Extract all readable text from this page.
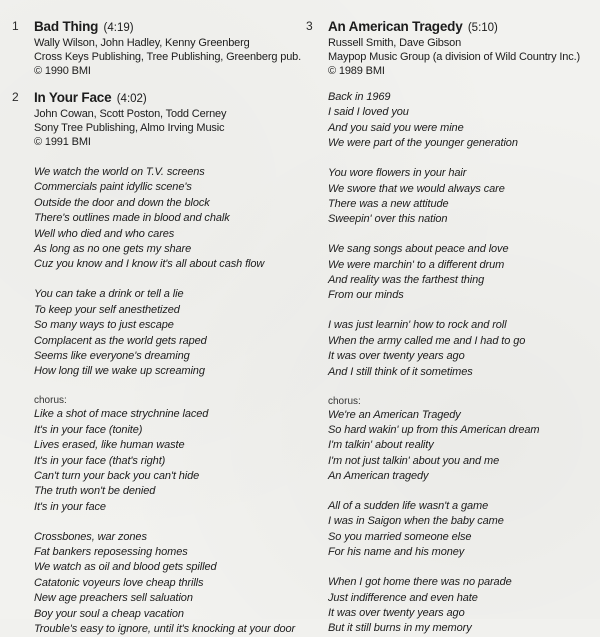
1 Bad Thing (4:19)
Wally Wilson, John Hadley, Kenny Greenberg
Cross Keys Publishing, Tree Publishing, Greenberg pub.
© 1990 BMI
2 In Your Face (4:02)
John Cowan, Scott Poston, Todd Cerney
Sony Tree Publishing, Almo Irving Music
© 1991 BMI
We watch the world on T.V. screens
Commercials paint idyllic scene's
Outside the door and down the block
There's outlines made in blood and chalk
Well who died and who cares
As long as no one gets my share
Cuz you know and I know it's all about cash flow
You can take a drink or tell a lie
To keep your self anesthetized
So many ways to just escape
Complacent as the world gets raped
Seems like everyone's dreaming
How long till we wake up screaming
chorus:
Like a shot of mace strychnine laced
It's in your face (tonite)
Lives erased, like human waste
It's in your face (that's right)
Can't turn your back you can't hide
The truth won't be denied
It's in your face
Crossbones, war zones
Fat bankers reposessing homes
We watch as oil and blood gets spilled
Catatonic voyeurs love cheap thrills
New age preachers sell saluation
Boy your soul a cheap vacation
Trouble's easy to ignore, until it's knocking at your door
3 An American Tragedy (5:10)
Russell Smith, Dave Gibson
Maypop Music Group (a division of Wild Country Inc.)
© 1989 BMI
Back in 1969
I said I loved you
And you said you were mine
We were part of the younger generation
You wore flowers in your hair
We swore that we would always care
There was a new attitude
Sweepin' over this nation
We sang songs about peace and love
We were marchin' to a different drum
And reality was the farthest thing
From our minds
I was just learnin' how to rock and roll
When the army called me and I had to go
It was over twenty years ago
And I still think of it sometimes
chorus:
We're an American Tragedy
So hard wakin' up from this American dream
I'm talkin' about reality
I'm not just talkin' about you and me
An American tragedy
All of a sudden life wasn't a game
I was in Saigon when the baby came
So you married someone else
For his name and his money
When I got home there was no parade
Just indifference and even hate
It was over twenty years ago
But it still burns in my memory
